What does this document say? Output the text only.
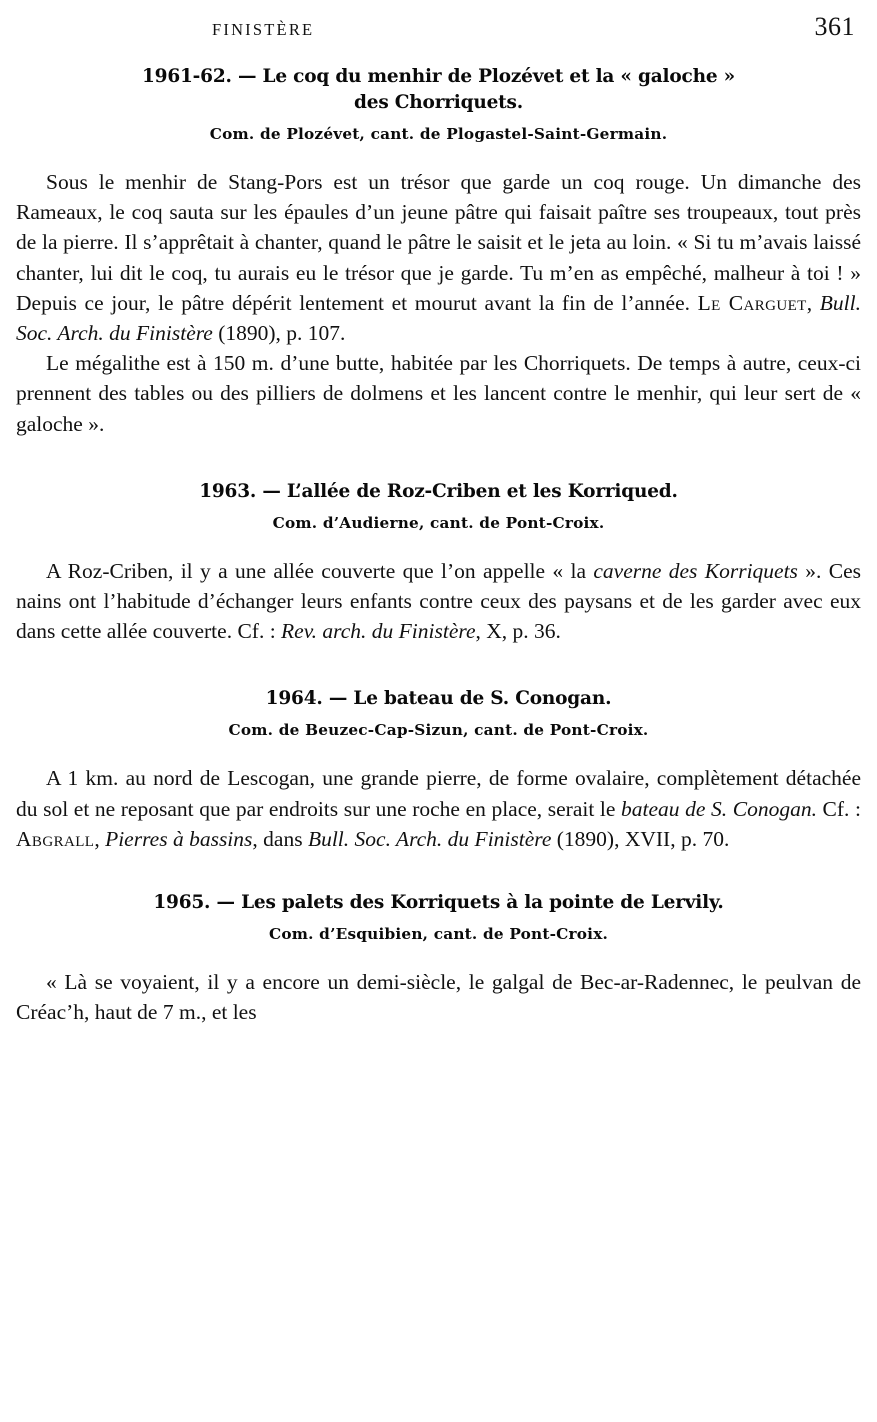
FINISTÈRE	361
1961-62. — Le coq du menhir de Plozévet et la « galoche »
des Chorriquets.
Com. de Plozévet, cant. de Plogastel-Saint-Germain.

Sous le menhir de Stang-Pors est un trésor que garde un coq rouge. Un dimanche des Rameaux, le coq sauta sur les épaules d’un jeune pâtre qui faisait paître ses troupeaux, tout près de la pierre. Il s’apprêtait à chanter, quand le pâtre le saisit et le jeta au loin. « Si tu m’avais laissé chanter, lui dit le coq, tu aurais eu le trésor que je garde. Tu m’en as empêché, malheur à toi ! » Depuis ce jour, le pâtre dépérit lentement et mourut avant la fin de l’année. Le Carguet, Bull. Soc. Arch. du Finistère (1890), p. 107.

Le mégalithe est à 150 m. d’une butte, habitée par les Chorriquets. De temps à autre, ceux-ci prennent des tables ou des pilliers de dolmens et les lancent contre le menhir, qui leur sert de « galoche ».

1963. — L’allée de Roz-Criben et les Korriqued.
Com. d’Audierne, cant. de Pont-Croix.

A Roz-Criben, il y a une allée couverte que l’on appelle « la caverne des Korriquets ». Ces nains ont l’habitude d’échanger leurs enfants contre ceux des paysans et de les garder avec eux dans cette allée couverte. Cf. : Rev. arch. du Finistère, X, p. 36.

1964. — Le bateau de S. Conogan.
Com. de Beuzec-Cap-Sizun, cant. de Pont-Croix.

A 1 km. au nord de Lescogan, une grande pierre, de forme ovalaire, complètement détachée du sol et ne reposant que par endroits sur une roche en place, serait le bateau de S. Conogan. Cf. : Abgrall, Pierres à bassins, dans Bull. Soc. Arch. du Finistère (1890), XVII, p. 70.

1965. — Les palets des Korriquets à la pointe de Lervily.
Com. d’Esquibien, cant. de Pont-Croix.

« Là se voyaient, il y a encore un demi-siècle, le galgal de Bec-ar-Radennec, le peulvan de Créac’h, haut de 7 m., et les
